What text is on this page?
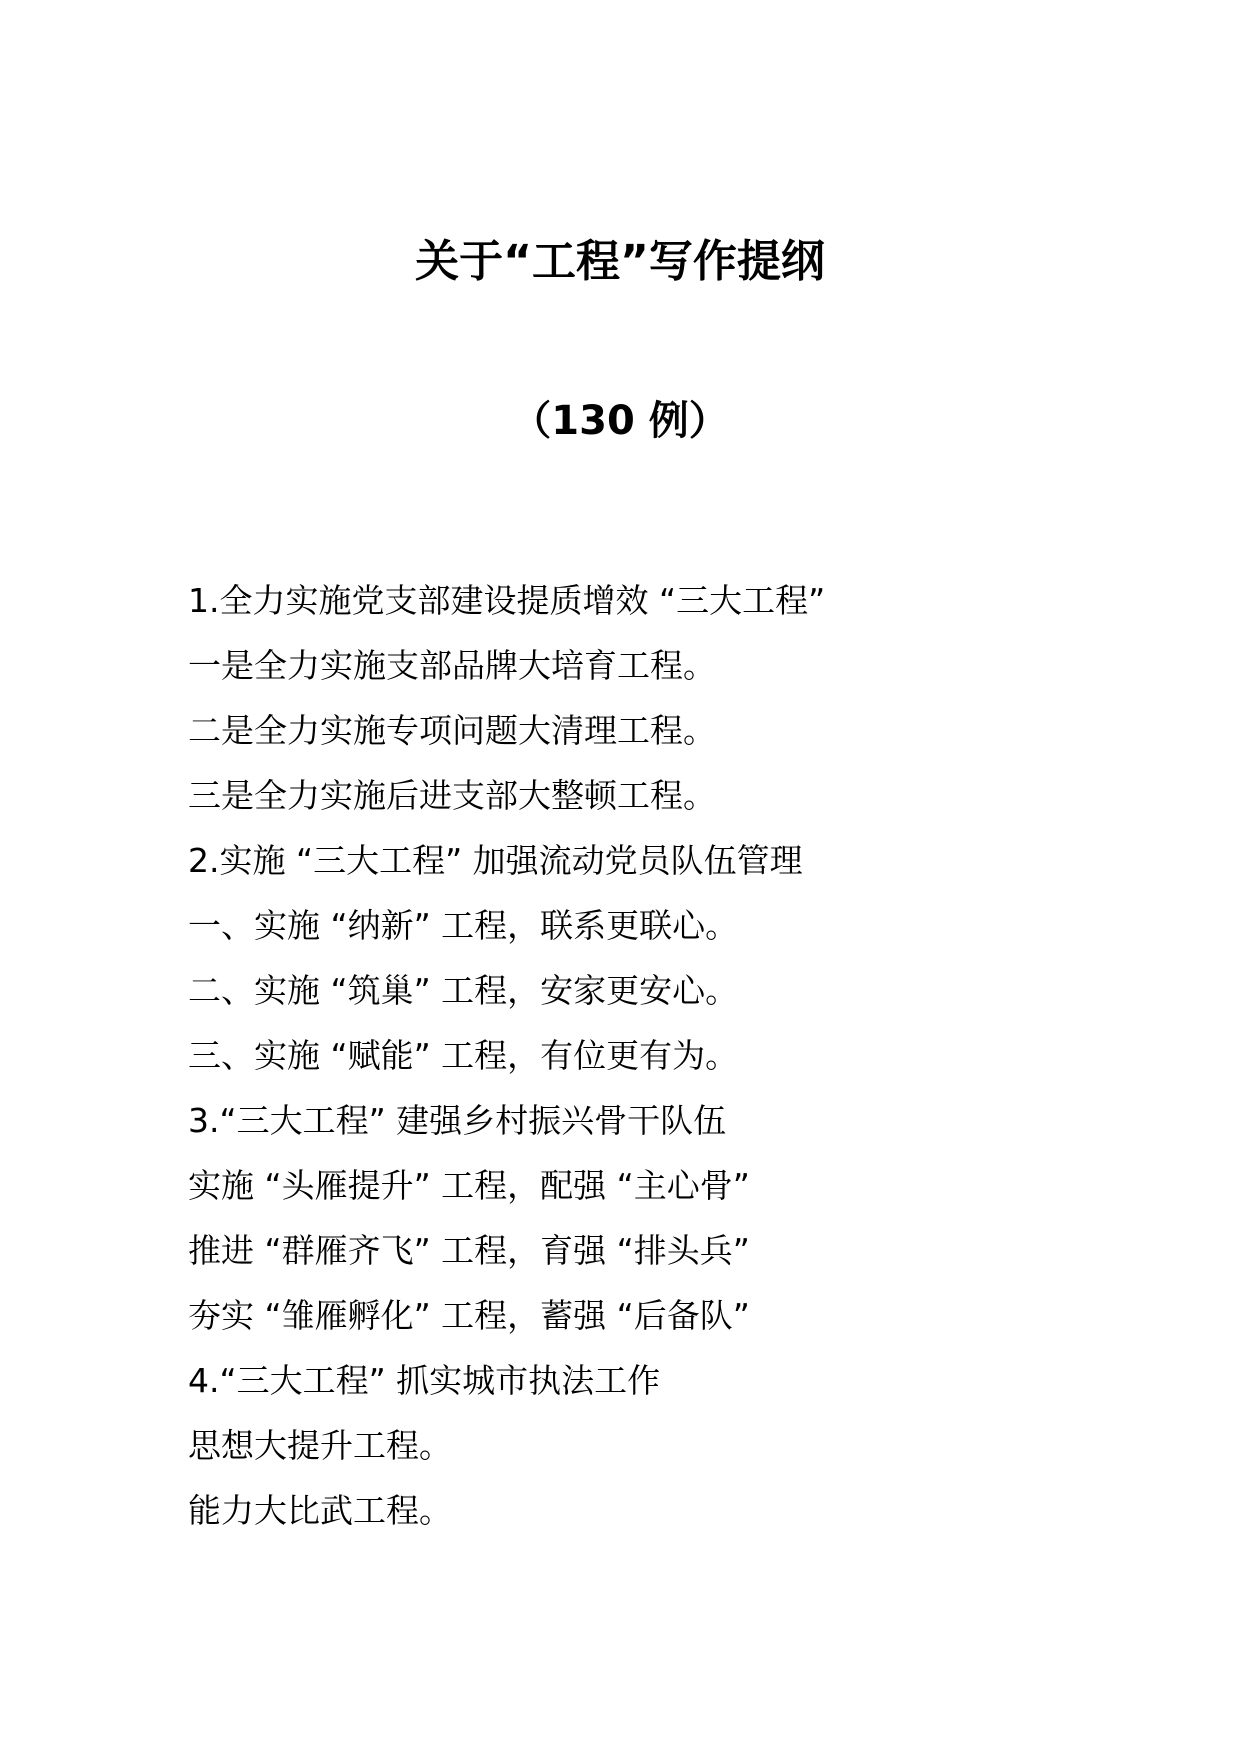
关于“工程”写作提纲
（130 例）
1.全力实施党支部建设提质增效 “三大工程”
一是全力实施支部品牌大培育工程。
二是全力实施专项问题大清理工程。
三是全力实施后进支部大整顿工程。
2.实施 “三大工程” 加强流动党员队伍管理
一、实施 “纳新” 工程，联系更联心。
二、实施 “筑巢” 工程，安家更安心。
三、实施 “赋能” 工程，有位更有为。
3.“三大工程” 建强乡村振兴骨干队伍
实施 “头雁提升” 工程，配强 “主心骨”
推进 “群雁齐飞” 工程，育强 “排头兵”
夯实 “雏雁孵化” 工程，蓄强 “后备队”
4.“三大工程” 抓实城市执法工作
思想大提升工程。
能力大比武工程。
